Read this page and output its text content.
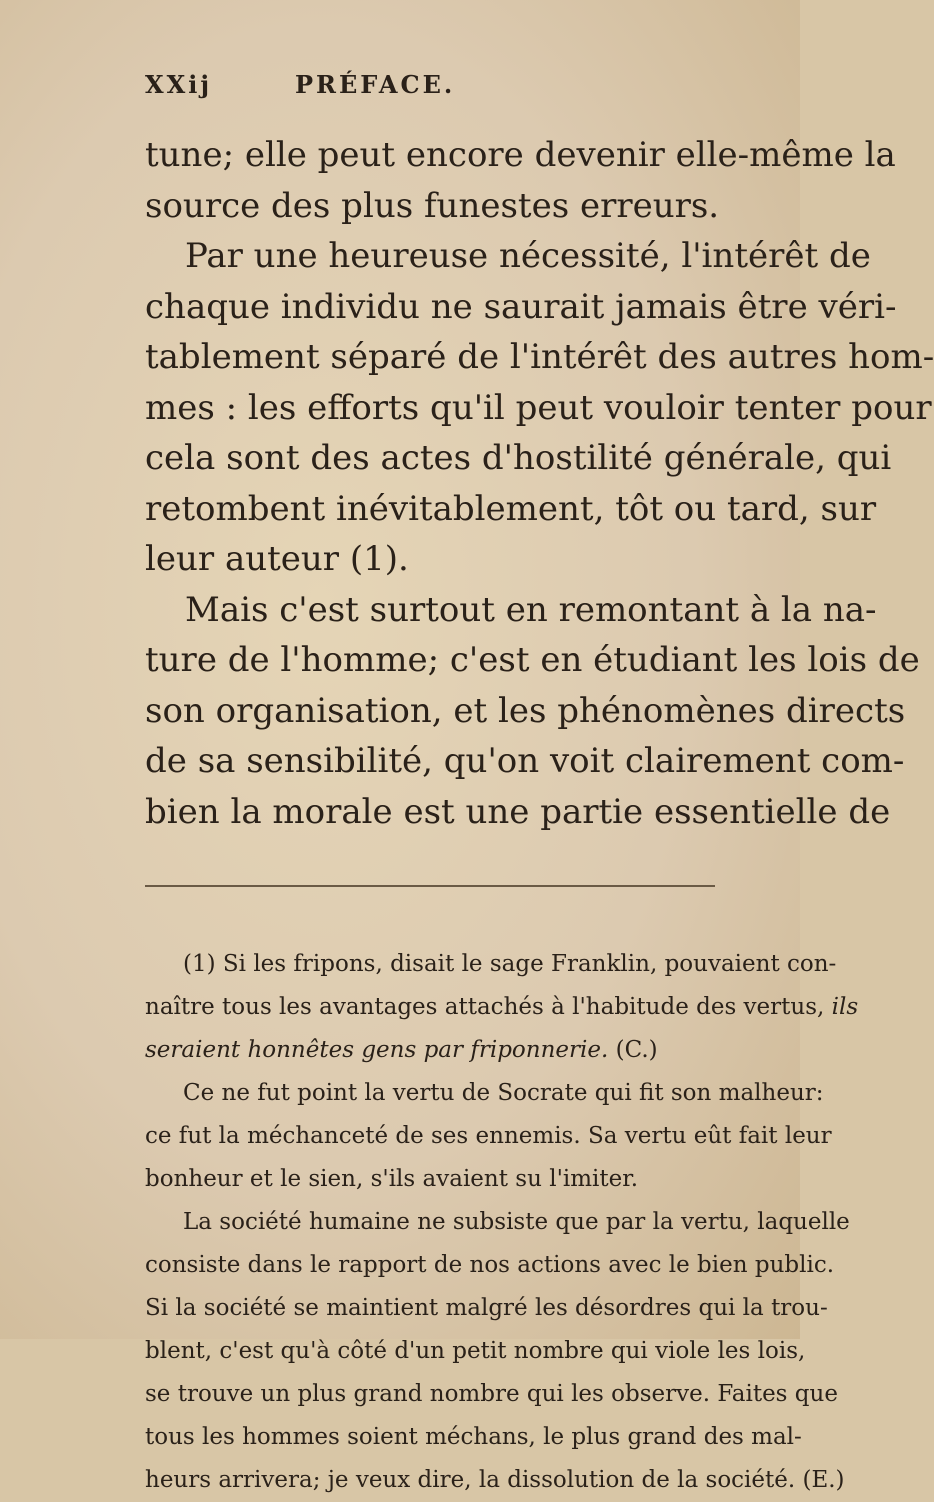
XXij	PRÉFACE.

tune; elle peut encore devenir elle-même la
source des plus funestes erreurs.

Par une heureuse nécessité, l'intérêt de
chaque individu ne saurait jamais être véri-
tablement séparé de l'intérêt des autres hom-
mes : les efforts qu'il peut vouloir tenter pour
cela sont des actes d'hostilité générale, qui
retombent inévitablement, tôt ou tard, sur
leur auteur (1).

Mais c'est surtout en remontant à la na-
ture de l'homme; c'est en étudiant les lois de
son organisation, et les phénomènes directs
de sa sensibilité, qu'on voit clairement com-
bien la morale est une partie essentielle de

(1) Si les fripons, disait le sage Franklin, pouvaient con-
naître tous les avantages attachés à l'habitude des vertus, ils
seraient honnêtes gens par friponnerie. (C.)

Ce ne fut point la vertu de Socrate qui fit son malheur:
ce fut la méchanceté de ses ennemis. Sa vertu eût fait leur
bonheur et le sien, s'ils avaient su l'imiter.

La société humaine ne subsiste que par la vertu, laquelle
consiste dans le rapport de nos actions avec le bien public.
Si la société se maintient malgré les désordres qui la trou-
blent, c'est qu'à côté d'un petit nombre qui viole les lois,
se trouve un plus grand nombre qui les observe. Faites que
tous les hommes soient méchans, le plus grand des mal-
heurs arrivera; je veux dire, la dissolution de la société. (E.)
